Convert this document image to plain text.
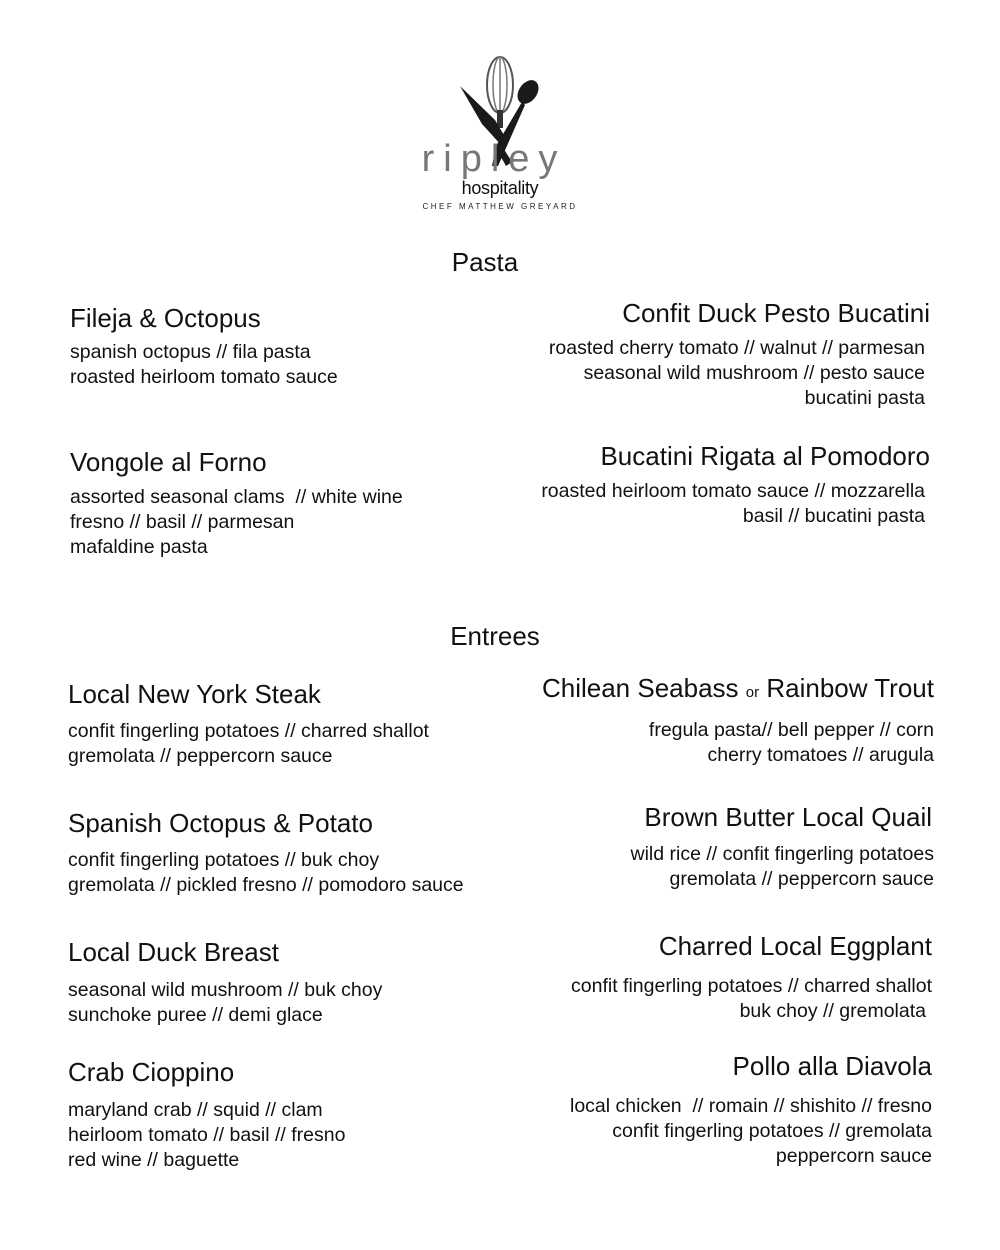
ripley
hospitality
CHEF MATTHEW GREYARD
Pasta
Fileja & Octopus
spanish octopus // fila pasta
roasted heirloom tomato sauce
Vongole al Forno
assorted seasonal clams  // white wine
fresno // basil // parmesan
mafaldine pasta
Confit Duck Pesto Bucatini
roasted cherry tomato // walnut // parmesan
seasonal wild mushroom // pesto sauce
bucatini pasta
Bucatini Rigata al Pomodoro
roasted heirloom tomato sauce // mozzarella
basil // bucatini pasta
Entrees
Local New York Steak
confit fingerling potatoes // charred shallot
gremolata // peppercorn sauce
Spanish Octopus & Potato
confit fingerling potatoes // buk choy
gremolata // pickled fresno // pomodoro sauce
Local Duck Breast
seasonal wild mushroom // buk choy
sunchoke puree // demi glace
Crab Cioppino
maryland crab // squid // clam
heirloom tomato // basil // fresno
red wine // baguette
Chilean Seabass or Rainbow Trout
fregula pasta// bell pepper // corn
cherry tomatoes // arugula
Brown Butter Local Quail
wild rice // confit fingerling potatoes
gremolata // peppercorn sauce
Charred Local Eggplant
confit fingerling potatoes // charred shallot
buk choy // gremolata
Pollo alla Diavola
local chicken  // romain // shishito // fresno
confit fingerling potatoes // gremolata
peppercorn sauce
